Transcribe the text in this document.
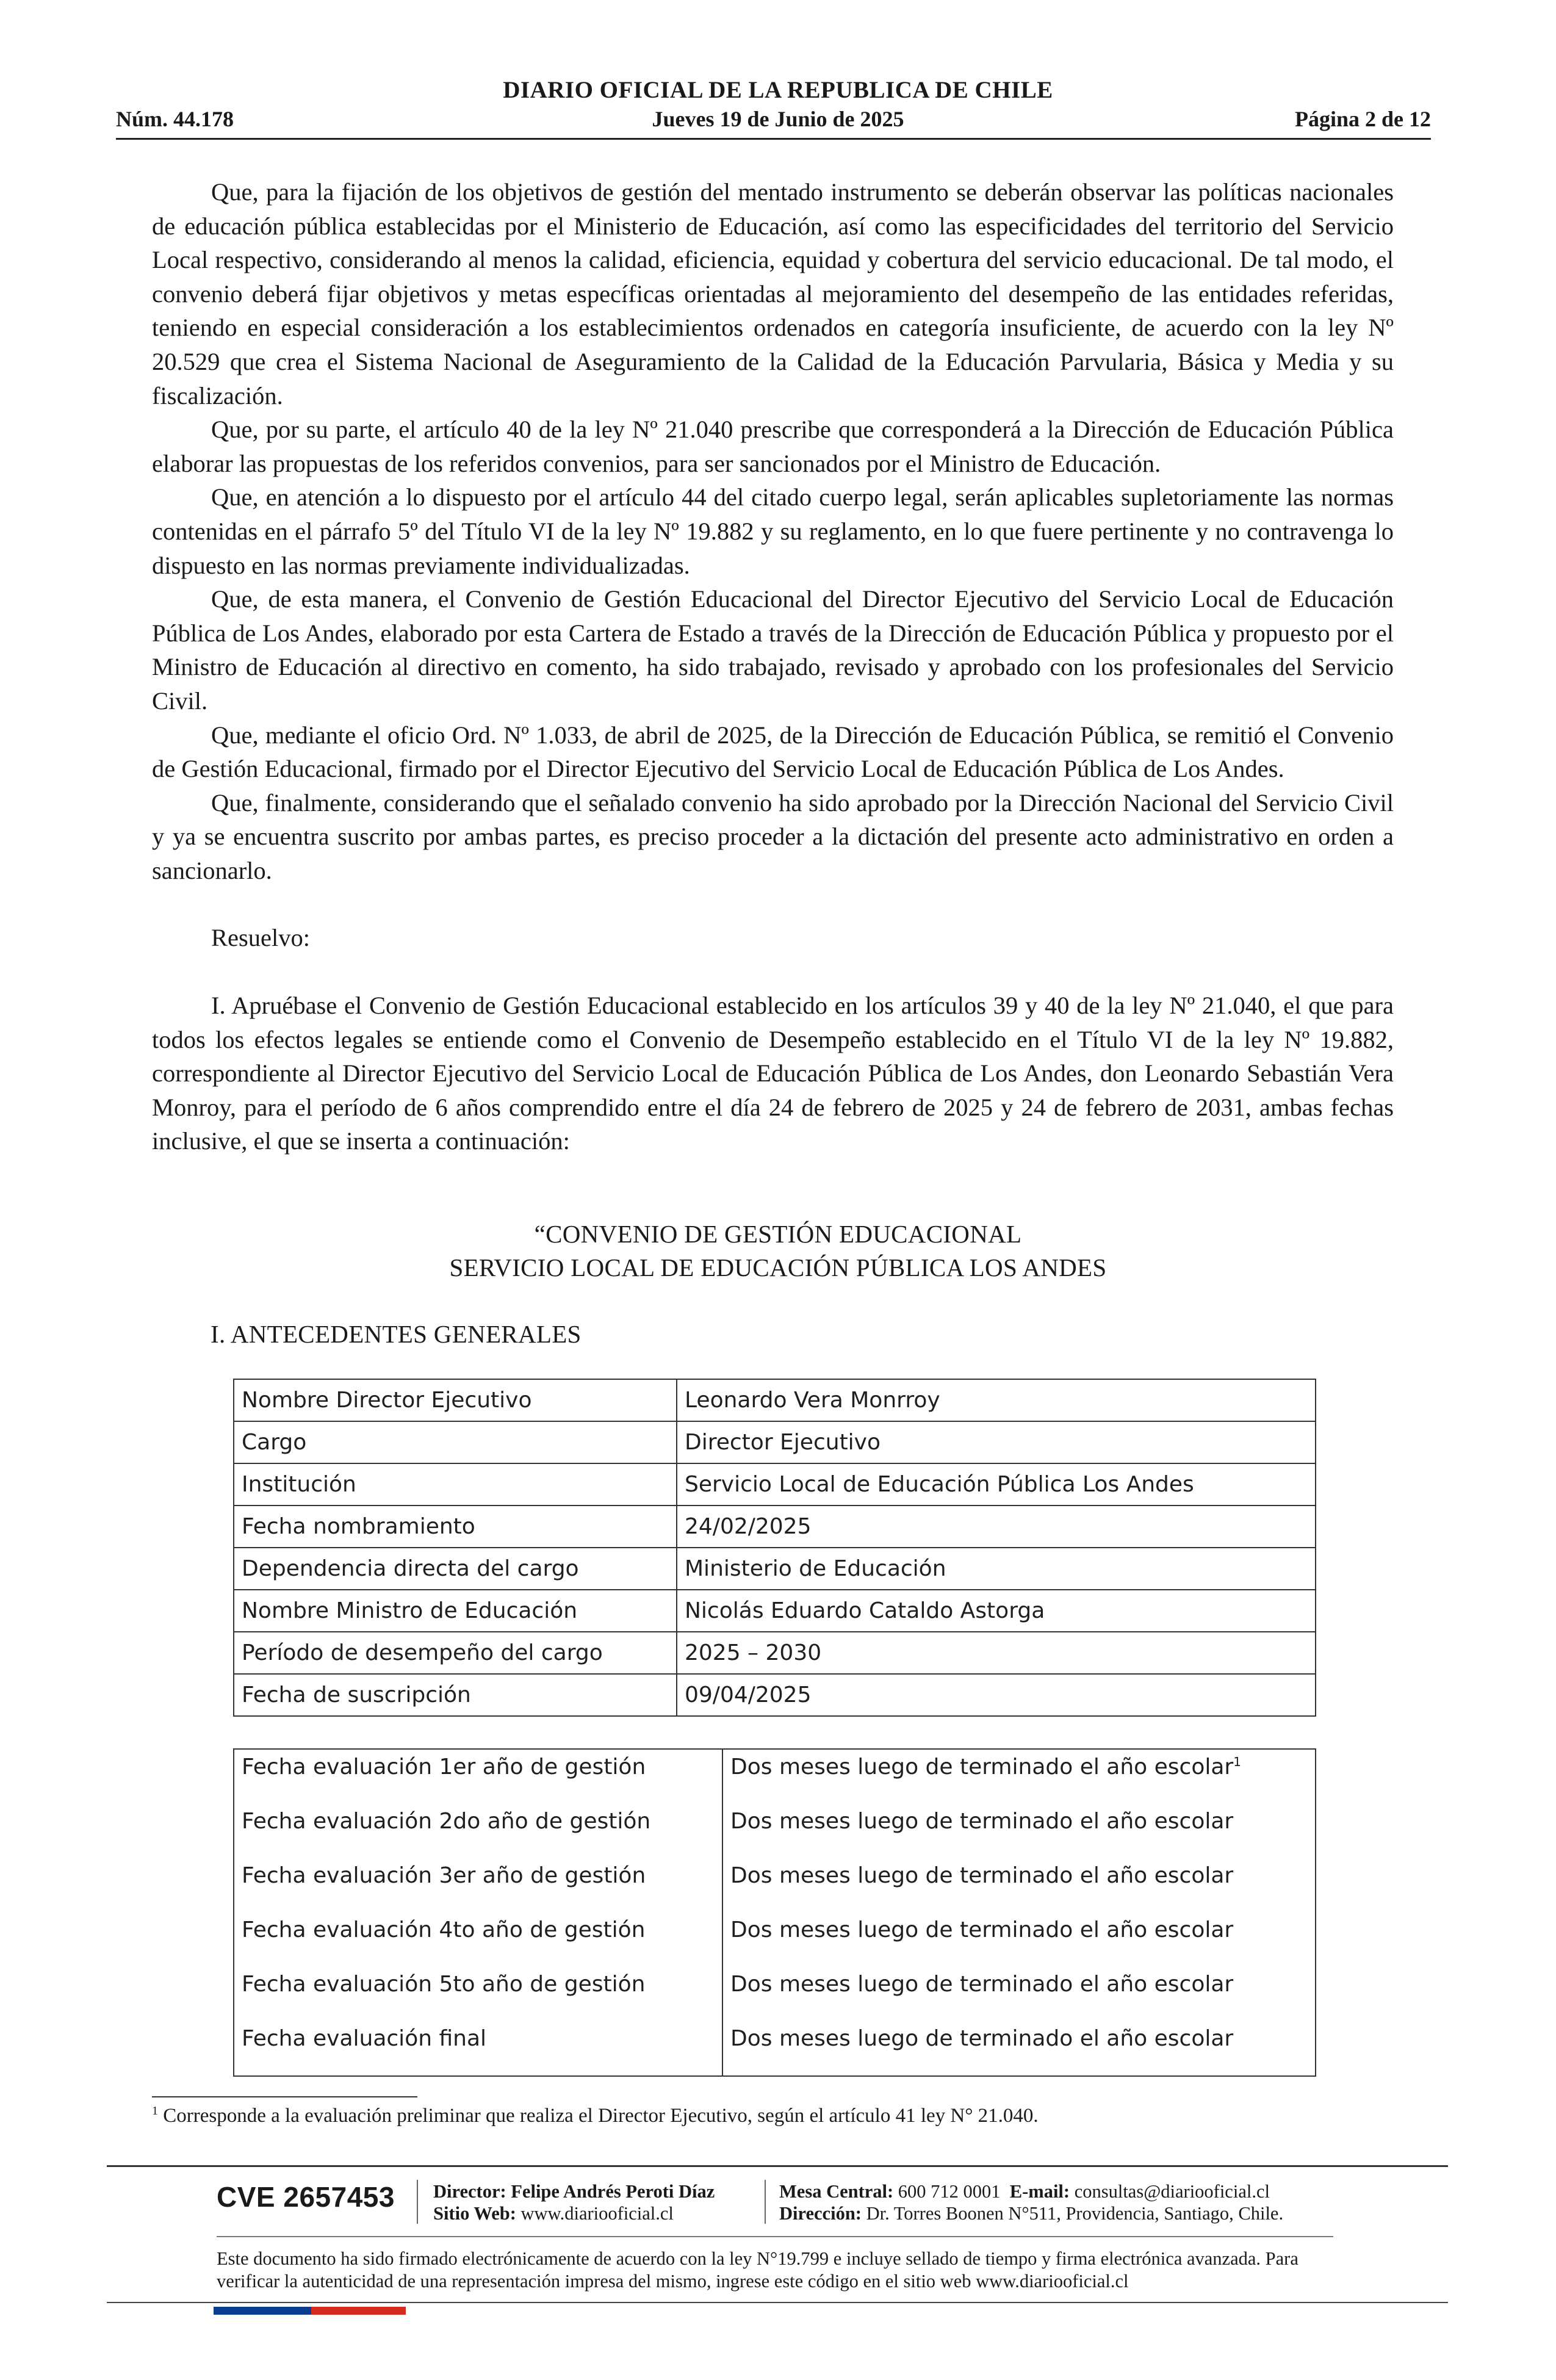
DIARIO OFICIAL DE LA REPUBLICA DE CHILE
Núm. 44.178	Jueves 19 de Junio de 2025	Página 2 de 12

Que, para la fijación de los objetivos de gestión del mentado instrumento se deberán observar las políticas nacionales de educación pública establecidas por el Ministerio de Educación, así como las especificidades del territorio del Servicio Local respectivo, considerando al menos la calidad, eficiencia, equidad y cobertura del servicio educacional. De tal modo, el convenio deberá fijar objetivos y metas específicas orientadas al mejoramiento del desempeño de las entidades referidas, teniendo en especial consideración a los establecimientos ordenados en categoría insuficiente, de acuerdo con la ley Nº 20.529 que crea el Sistema Nacional de Aseguramiento de la Calidad de la Educación Parvularia, Básica y Media y su fiscalización.

Que, por su parte, el artículo 40 de la ley Nº 21.040 prescribe que corresponderá a la Dirección de Educación Pública elaborar las propuestas de los referidos convenios, para ser sancionados por el Ministro de Educación.

Que, en atención a lo dispuesto por el artículo 44 del citado cuerpo legal, serán aplicables supletoriamente las normas contenidas en el párrafo 5º del Título VI de la ley Nº 19.882 y su reglamento, en lo que fuere pertinente y no contravenga lo dispuesto en las normas previamente individualizadas.

Que, de esta manera, el Convenio de Gestión Educacional del Director Ejecutivo del Servicio Local de Educación Pública de Los Andes, elaborado por esta Cartera de Estado a través de la Dirección de Educación Pública y propuesto por el Ministro de Educación al directivo en comento, ha sido trabajado, revisado y aprobado con los profesionales del Servicio Civil.

Que, mediante el oficio Ord. Nº 1.033, de abril de 2025, de la Dirección de Educación Pública, se remitió el Convenio de Gestión Educacional, firmado por el Director Ejecutivo del Servicio Local de Educación Pública de Los Andes.

Que, finalmente, considerando que el señalado convenio ha sido aprobado por la Dirección Nacional del Servicio Civil y ya se encuentra suscrito por ambas partes, es preciso proceder a la dictación del presente acto administrativo en orden a sancionarlo.

Resuelvo:

I. Apruébase el Convenio de Gestión Educacional establecido en los artículos 39 y 40 de la ley Nº 21.040, el que para todos los efectos legales se entiende como el Convenio de Desempeño establecido en el Título VI de la ley Nº 19.882, correspondiente al Director Ejecutivo del Servicio Local de Educación Pública de Los Andes, don Leonardo Sebastián Vera Monroy, para el período de 6 años comprendido entre el día 24 de febrero de 2025 y 24 de febrero de 2031, ambas fechas inclusive, el que se inserta a continuación:

“CONVENIO DE GESTIÓN EDUCACIONAL
SERVICIO LOCAL DE EDUCACIÓN PÚBLICA LOS ANDES
I. ANTECEDENTES GENERALES
Nombre Director Ejecutivo	Leonardo Vera Monrroy
Cargo	Director Ejecutivo
Institución	Servicio Local de Educación Pública Los Andes
Fecha nombramiento	24/02/2025
Dependencia directa del cargo	Ministerio de Educación
Nombre Ministro de Educación	Nicolás Eduardo Cataldo Astorga
Período de desempeño del cargo	2025 – 2030
Fecha de suscripción	09/04/2025
Fecha evaluación 1er año de gestión	Dos meses luego de terminado el año escolar$^1$
Fecha evaluación 2do año de gestión	Dos meses luego de terminado el año escolar
Fecha evaluación 3er año de gestión	Dos meses luego de terminado el año escolar
Fecha evaluación 4to año de gestión	Dos meses luego de terminado el año escolar
Fecha evaluación 5to año de gestión	Dos meses luego de terminado el año escolar
Fecha evaluación final	Dos meses luego de terminado el año escolar
$^1$ Corresponde a la evaluación preliminar que realiza el Director Ejecutivo, según el artículo 41 ley N° 21.040.
CVE 2657453 Director: Felipe Andrés Peroti Díaz
Sitio Web: www.diariooficial.cl
Mesa Central: 600 712 0001 E-mail: consultas@diariooficial.cl
Dirección: Dr. Torres Boonen N°511, Providencia, Santiago, Chile.
Este documento ha sido firmado electrónicamente de acuerdo con la ley N°19.799 e incluye sellado de tiempo y firma electrónica avanzada. Para verificar la autenticidad de una representación impresa del mismo, ingrese este código en el sitio web www.diariooficial.cl
